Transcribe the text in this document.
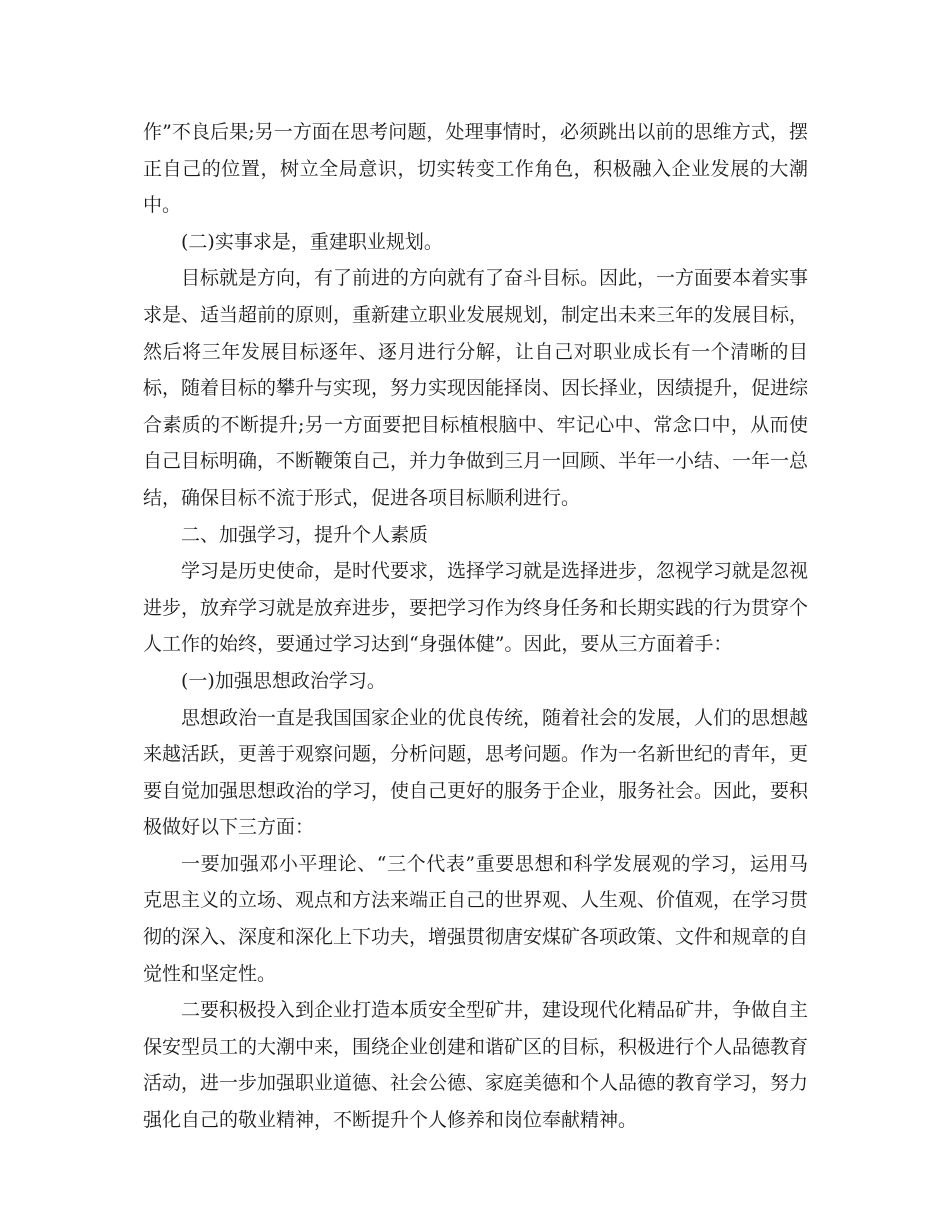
作”不良后果;另一方面在思考问题，处理事情时，必须跳出以前的思维方式，摆正自己的位置，树立全局意识，切实转变工作角色，积极融入企业发展的大潮中。

(二)实事求是，重建职业规划。

目标就是方向，有了前进的方向就有了奋斗目标。因此，一方面要本着实事求是、适当超前的原则，重新建立职业发展规划，制定出未来三年的发展目标，然后将三年发展目标逐年、逐月进行分解，让自己对职业成长有一个清晰的目标，随着目标的攀升与实现，努力实现因能择岗、因长择业，因绩提升，促进综合素质的不断提升;另一方面要把目标植根脑中、牢记心中、常念口中，从而使自己目标明确，不断鞭策自己，并力争做到三月一回顾、半年一小结、一年一总结，确保目标不流于形式，促进各项目标顺利进行。

二、加强学习，提升个人素质

学习是历史使命，是时代要求，选择学习就是选择进步，忽视学习就是忽视进步，放弃学习就是放弃进步，要把学习作为终身任务和长期实践的行为贯穿个人工作的始终，要通过学习达到“身强体健”。因此，要从三方面着手：

(一)加强思想政治学习。

思想政治一直是我国国家企业的优良传统，随着社会的发展，人们的思想越来越活跃，更善于观察问题，分析问题，思考问题。作为一名新世纪的青年，更要自觉加强思想政治的学习，使自己更好的服务于企业，服务社会。因此，要积极做好以下三方面：

一要加强邓小平理论、“三个代表”重要思想和科学发展观的学习，运用马克思主义的立场、观点和方法来端正自己的世界观、人生观、价值观，在学习贯彻的深入、深度和深化上下功夫，增强贯彻唐安煤矿各项政策、文件和规章的自觉性和坚定性。

二要积极投入到企业打造本质安全型矿井，建设现代化精品矿井，争做自主保安型员工的大潮中来，围绕企业创建和谐矿区的目标，积极进行个人品德教育活动，进一步加强职业道德、社会公德、家庭美德和个人品德的教育学习，努力强化自己的敬业精神，不断提升个人修养和岗位奉献精神。
